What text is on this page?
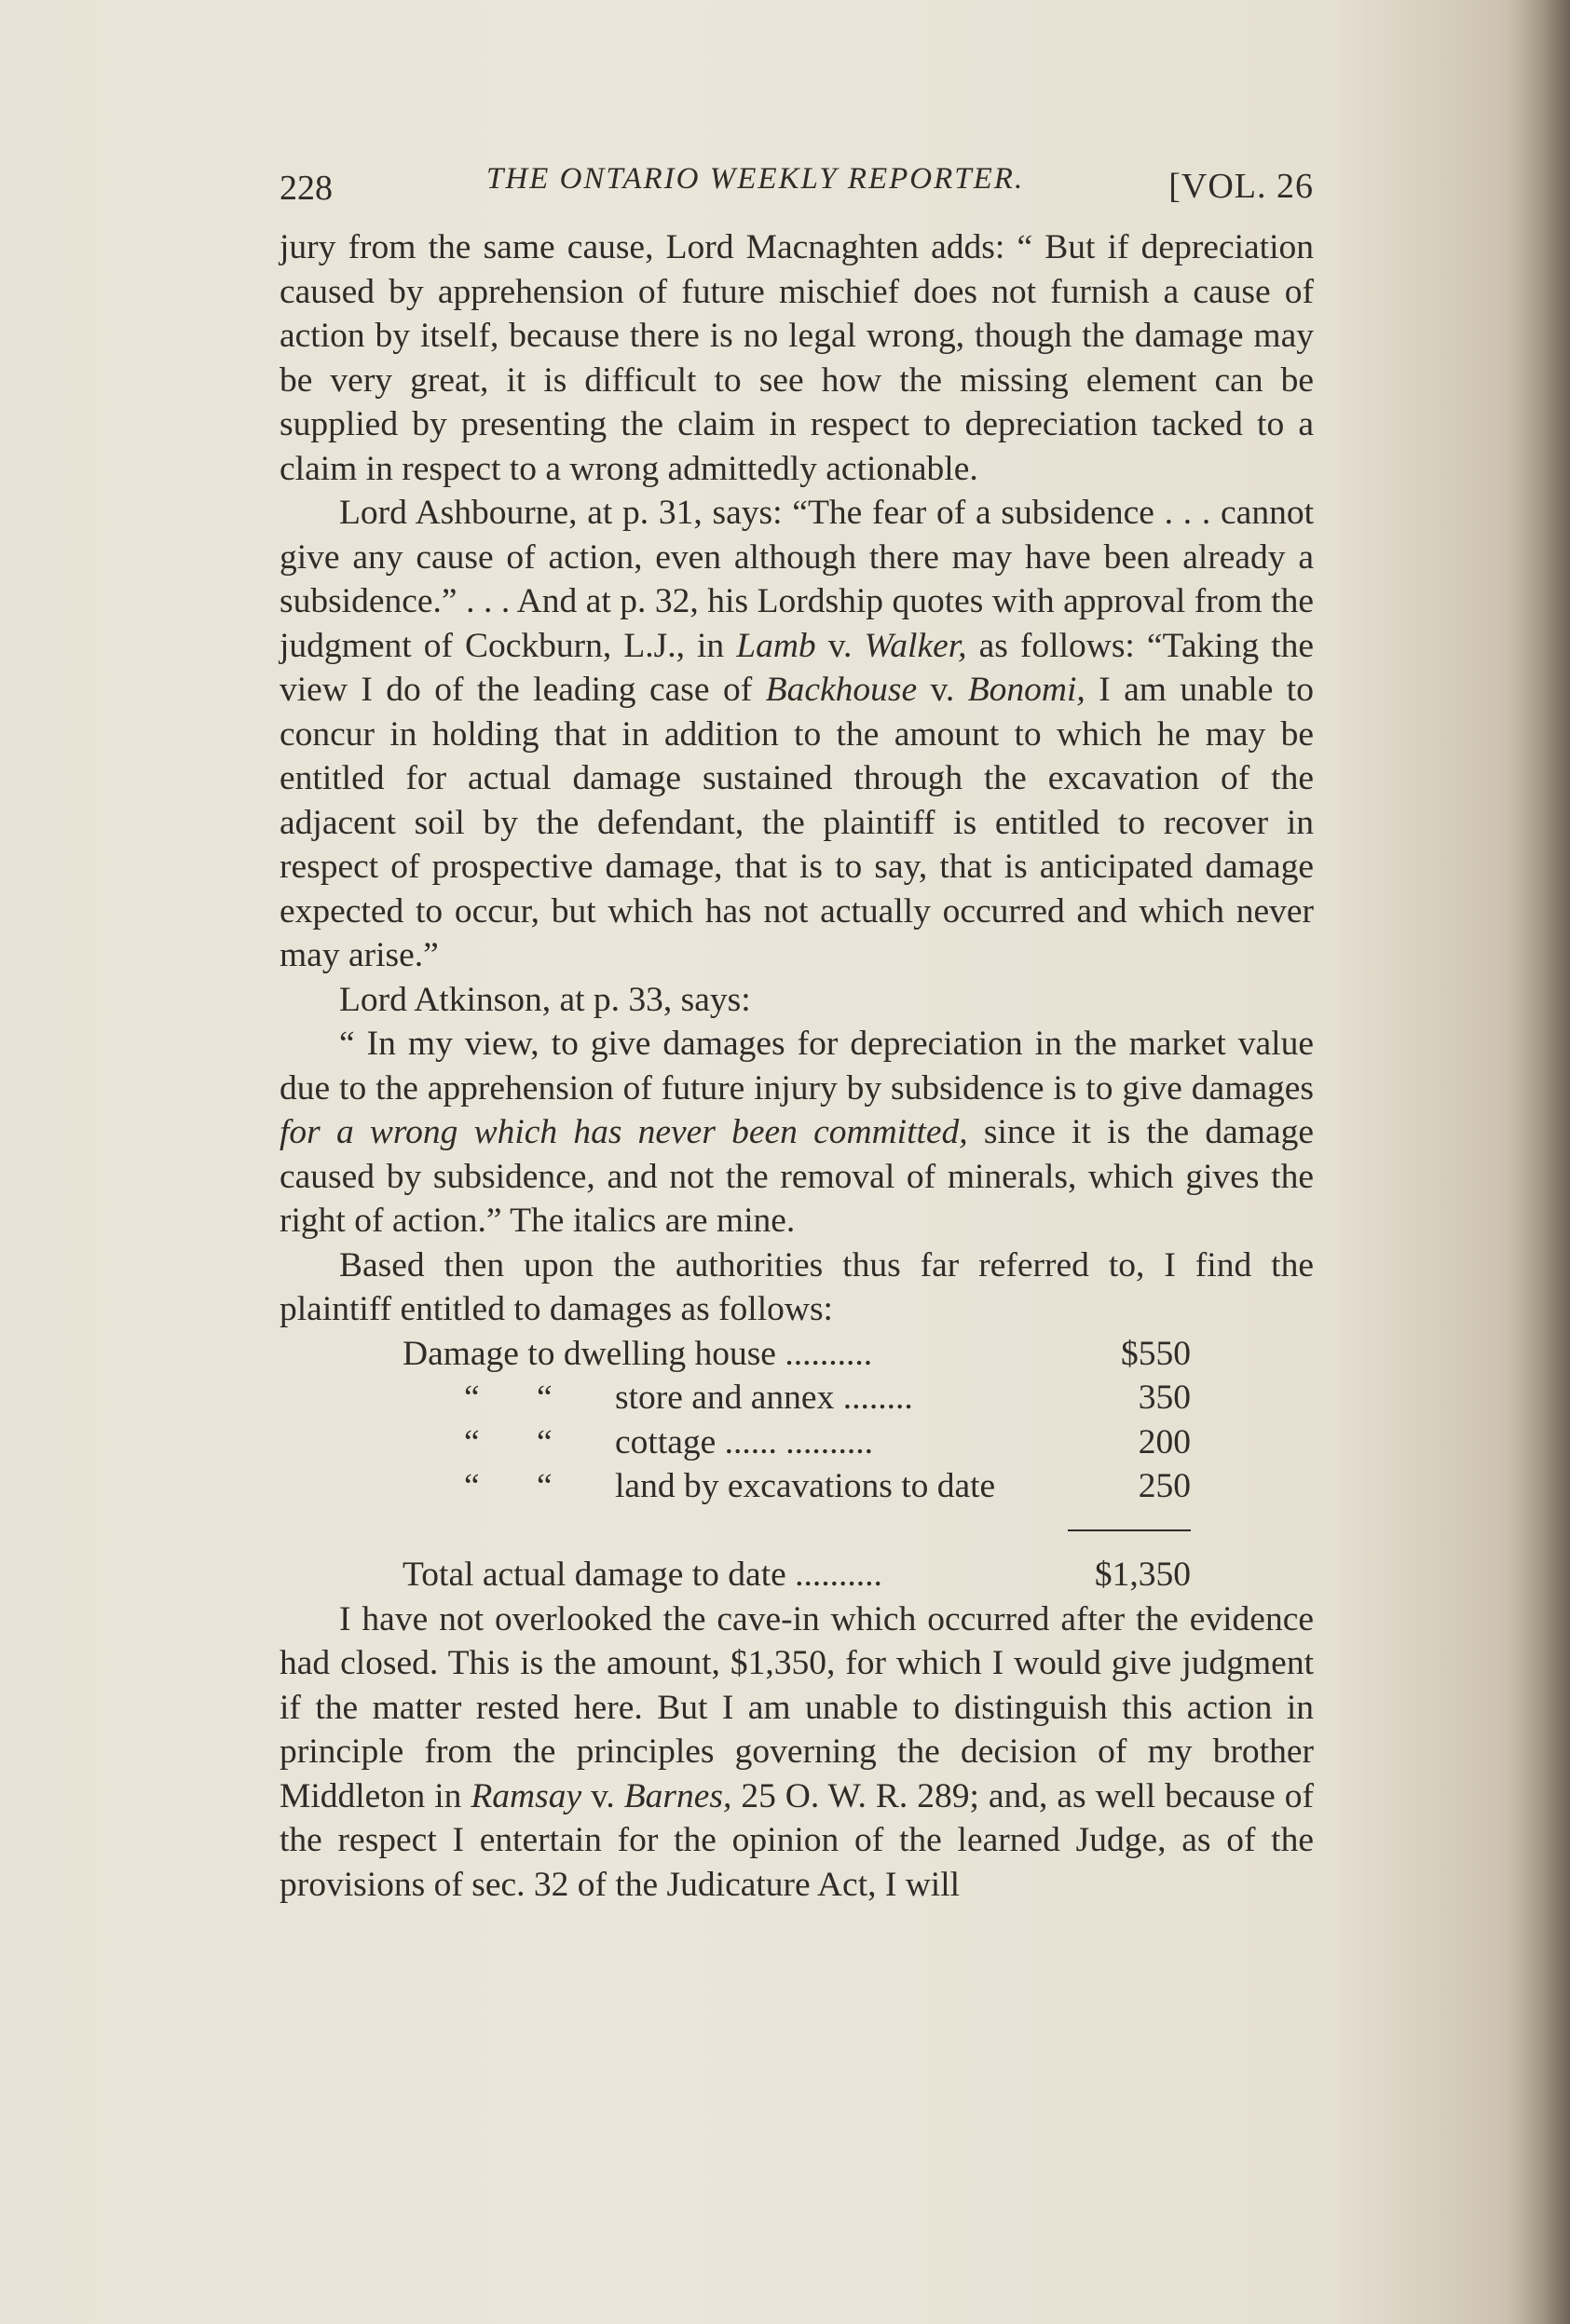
228	THE ONTARIO WEEKLY REPORTER.	[VOL. 26

jury from the same cause, Lord Macnaghten adds: “ But if depreciation caused by apprehension of future mischief does not furnish a cause of action by itself, because there is no legal wrong, though the damage may be very great, it is difficult to see how the missing element can be supplied by presenting the claim in respect to depreciation tacked to a claim in respect to a wrong admittedly actionable.

Lord Ashbourne, at p. 31, says: “The fear of a subsidence . . . cannot give any cause of action, even although there may have been already a subsidence.” . . . And at p. 32, his Lordship quotes with approval from the judgment of Cockburn, L.J., in Lamb v. Walker, as follows: “Taking the view I do of the leading case of Backhouse v. Bonomi, I am unable to concur in holding that in addition to the amount to which he may be entitled for actual damage sustained through the excavation of the adjacent soil by the defendant, the plaintiff is entitled to recover in respect of prospective damage, that is to say, that is anticipated damage expected to occur, but which has not actually occurred and which never may arise.”

Lord Atkinson, at p. 33, says:

“ In my view, to give damages for depreciation in the market value due to the apprehension of future injury by subsidence is to give damages for a wrong which has never been committed, since it is the damage caused by subsidence, and not the removal of minerals, which gives the right of action.” The italics are mine.

Based then upon the authorities thus far referred to, I find the plaintiff entitled to damages as follows:

Damage to dwelling house ..........	$550
“ “ store and annex ........	350
“ “ cottage ...... ..........	200
“ “ land by excavations to date	250
Total actual damage to date ..........	$1,350

I have not overlooked the cave-in which occurred after the evidence had closed. This is the amount, $1,350, for which I would give judgment if the matter rested here. But I am unable to distinguish this action in principle from the principles governing the decision of my brother Middleton in Ramsay v. Barnes, 25 O. W. R. 289; and, as well because of the respect I entertain for the opinion of the learned Judge, as of the provisions of sec. 32 of the Judicature Act, I will
